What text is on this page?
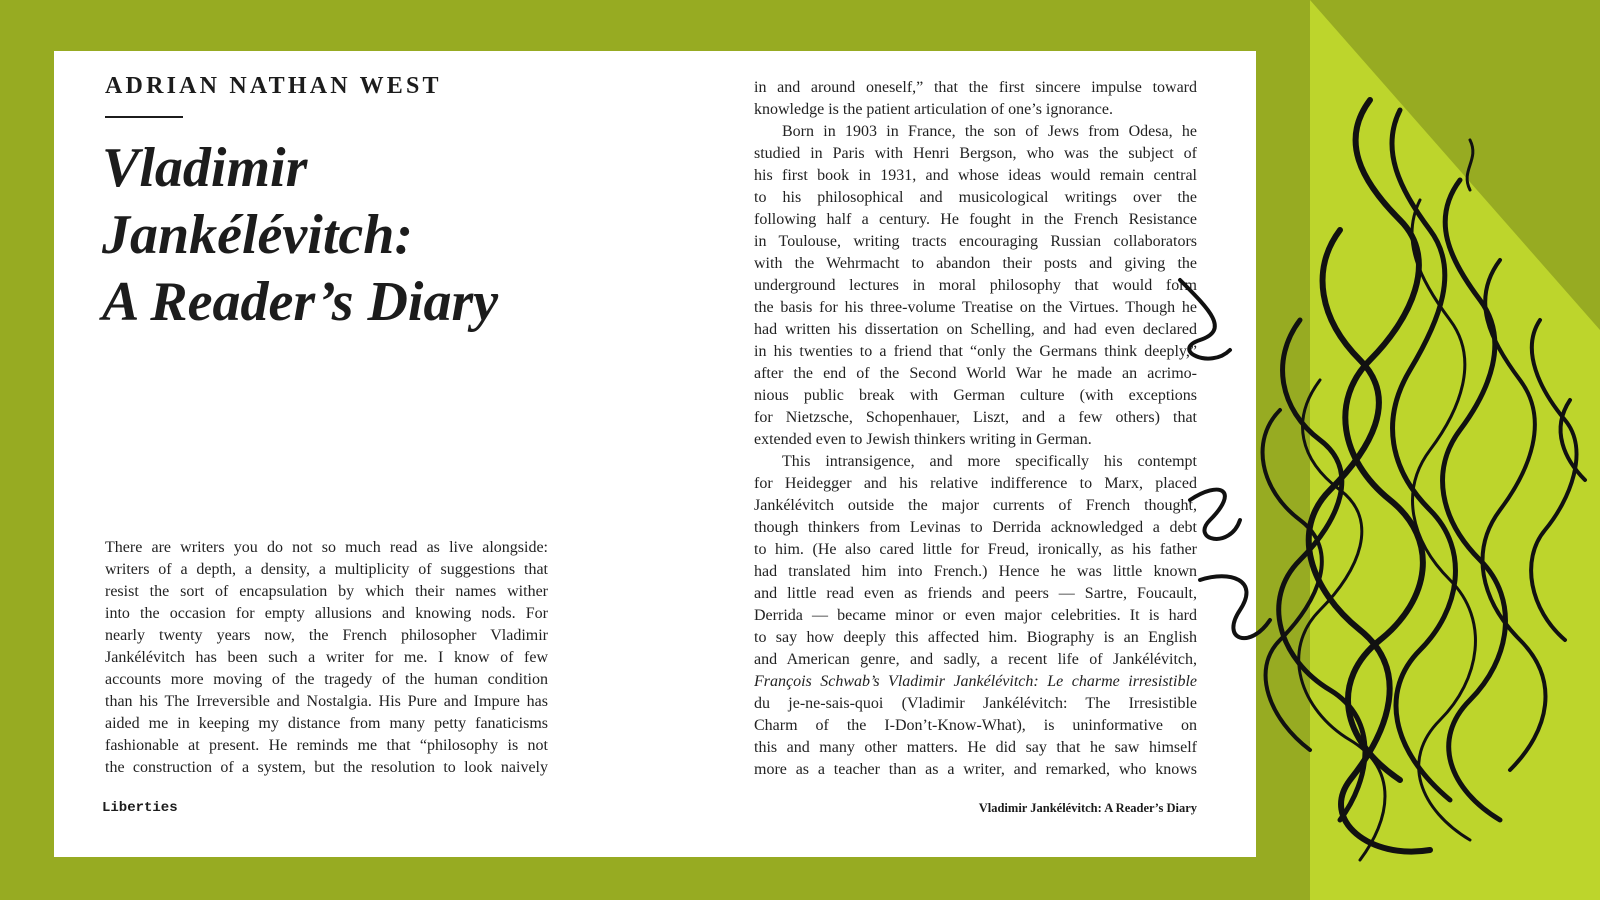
ADRIAN NATHAN WEST
Vladimir
Jankélévitch:
A Reader’s Diary
There are writers you do not so much read as live alongside:
writers of a depth, a density, a multiplicity of suggestions that
resist the sort of encapsulation by which their names wither
into the occasion for empty allusions and knowing nods. For
nearly twenty years now, the French philosopher Vladimir
Jankélévitch has been such a writer for me. I know of few
accounts more moving of the tragedy of the human condition
than his The Irreversible and Nostalgia. His Pure and Impure has
aided me in keeping my distance from many petty fanaticisms
fashionable at present. He reminds me that “philosophy is not
the construction of a system, but the resolution to look naively
in and around oneself,” that the first sincere impulse toward
knowledge is the patient articulation of one’s ignorance.
Born in 1903 in France, the son of Jews from Odesa, he
studied in Paris with Henri Bergson, who was the subject of
his first book in 1931, and whose ideas would remain central
to his philosophical and musicological writings over the
following half a century. He fought in the French Resistance
in Toulouse, writing tracts encouraging Russian collaborators
with the Wehrmacht to abandon their posts and giving the
underground lectures in moral philosophy that would form
the basis for his three-volume Treatise on the Virtues. Though he
had written his dissertation on Schelling, and had even declared
in his twenties to a friend that “only the Germans think deeply,”
after the end of the Second World War he made an acrimo-
nious public break with German culture (with exceptions
for Nietzsche, Schopenhauer, Liszt, and a few others) that
extended even to Jewish thinkers writing in German.
This intransigence, and more specifically his contempt
for Heidegger and his relative indifference to Marx, placed
Jankélévitch outside the major currents of French thought,
though thinkers from Levinas to Derrida acknowledged a debt
to him. (He also cared little for Freud, ironically, as his father
had translated him into French.) Hence he was little known
and little read even as friends and peers — Sartre, Foucault,
Derrida — became minor or even major celebrities. It is hard
to say how deeply this affected him. Biography is an English
and American genre, and sadly, a recent life of Jankélévitch,
François Schwab’s Vladimir Jankélévitch: Le charme irresistible
du je-ne-sais-quoi (Vladimir Jankélévitch: The Irresistible
Charm of the I-Don’t-Know-What), is uninformative on
this and many other matters. He did say that he saw himself
more as a teacher than as a writer, and remarked, who knows

Liberties	Vladimir Jankélévitch: A Reader’s Diary
